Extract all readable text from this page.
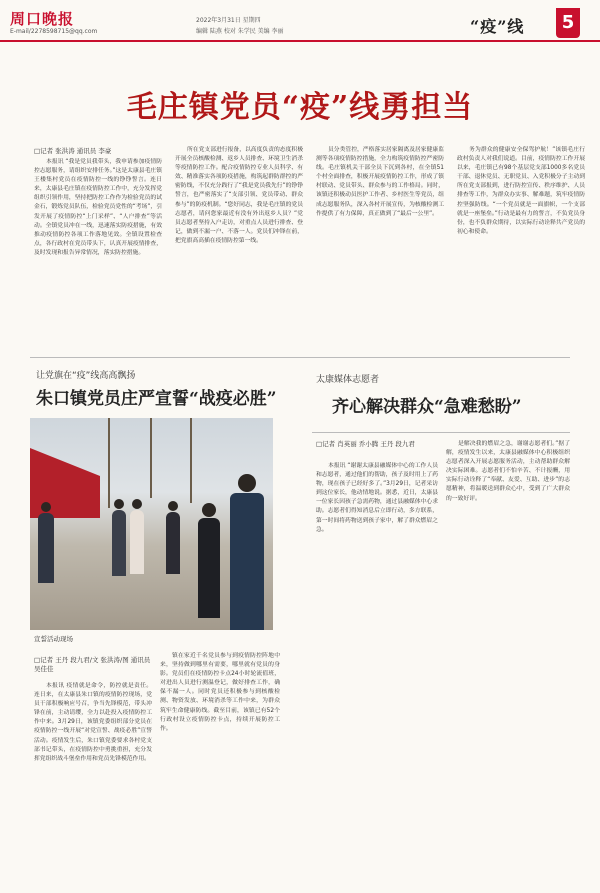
周口晚报
E-mail/2278598715@qq.com
2022年3月31日 星期四
编辑 陆燕 校对 朱学民 美编 李丽	“疫”线	5
毛庄镇党员“疫”线勇担当
□记者 张洪涛 通讯员 李豪

本报讯 “我是党员我带头，我申请参加疫情防控志愿服务，请组织安排任务。”这是太康县毛庄镇王楼集村党员在疫情防控一线的铮铮誓言。连日来，太康县毛庄镇在疫情防控工作中，充分发挥党组织引领作用，坚持把防控工作作为检验党员的试金石，锻炼党员队伍，检验党员党性的“考场”，引发开展了疫情防控“上门采样”、“人户排查”等活动。全镇党员冲在一线，迅速落实防疫措施，有效推动疫情防控各项工作落地见效。全镇设置检查点，各行政村在党员带头下，认真开展疫情排查，及时发现和报告异常情况，落实防控措施。

所在党支部进行报备，以高度负责的态度积极开展全员核酸检测、返乡人员排查、环境卫生消杀等疫情防控工作。配合疫情防控专业人员科学、有效、精准落实各项防疫措施，构筑起群防群控的严密防线，不仅充分践行了“我是党员我先行”的铮铮誓言，也严密落实了“支部引领、党员带动、群众参与”的防疫机制。“您好同志，我是毛庄镇的党员志愿者，请问您家最近有没有外出返乡人员？”党员志愿者坚持入户走访，对重点人员进行排查、登记，做到不漏一户、不落一人。党员们冲锋在前，把党旗高高插在疫情防控第一线。

员分类管控，严格落实居家隔离及居家健康监测等各项疫情防控措施，全力构筑疫情防控严密防线。毛庄镇机关干部全员下沉到各村，在全镇51个村全面排查，积极开展疫情防控工作，形成了镇村联动、党员带头、群众参与的工作格局。同时，该镇还积极动员医护工作者、乡村医生等党员，组成志愿服务队，深入各村开展宣传，为核酸检测工作提供了有力保障，真正做到了“最后一公里”。

务为群众的健康安全保驾护航！”该镇毛庄行政村负责人对我们说道。目前，疫情防控工作开展以来，毛庄镇已有98个基层党支部1000多名党员干部、退休党员、无职党员、入党积极分子主动到所在党支部报到，进行防控宣传、秩序维护、人员排查等工作，为群众办实事、解难题，筑牢疫情防控坚强防线。“一个党员就是一面旗帜，一个支部就是一座堡垒。”行动是最有力的誓言，不负党员身份，也不负群众期待，以实际行动诠释共产党员的初心和使命。

让党旗在“疫”线高高飘扬
朱口镇党员庄严宣誓“战疫必胜”
宣誓活动现场
□记者 王丹 段九君/文 张洪涛/图 通讯员 吴佳佳

本报讯 疫情就是命令，防控就是责任。连日来，在太康县朱口镇的疫情防控现场，党员干部积极响应号召，争当先锋模范，带头冲锋在前，主动请缨，全力以赴投入疫情防控工作中来。3月29日，该镇党委组织部分党员在疫情防控一线开展“对党宣誓、战疫必胜”宣誓活动。疫情发生后，朱口镇党委要求各村党支部书记带头，在疫情防控中勇挑重担，充分发挥党组织战斗堡垒作用和党员先锋模范作用。

镇在家近千名党员参与到疫情防控阵地中来，坚持做到哪里有需要，哪里就有党员的身影。党员们在疫情防控卡点24小时轮流值班，对进出人员进行测温登记，做好排查工作，确保不漏一人。同时党员还积极参与到核酸检测、物资发放、环境消杀等工作中来，为群众筑牢生命健康防线。截至目前，该镇已有52个行政村设立疫情防控卡点，持续开展防控工作。

太康媒体志愿者
齐心解决群众“急难愁盼”
□记者 肖英丽 乔小腾 王丹 段九君

本报讯 “谢谢太康县融媒体中心的工作人员和志愿者，通过他们的帮助，孩子及时用上了药物，现在孩子已经好多了。”3月29日，记者采访到这位家长，他动情地说。据悉，近日，太康县一位家长因孩子急需药物，通过县融媒体中心求助。志愿者们得知消息后立即行动，多方联系，第一时间将药物送到孩子家中，解了群众燃眉之急。

是解决我的燃眉之急，谢谢志愿者们。”据了解，疫情发生以来，太康县融媒体中心积极组织志愿者深入开展志愿服务活动，主动帮助群众解决实际困难。志愿者们不怕辛苦、不计报酬，用实际行动诠释了“奉献、友爱、互助、进步”的志愿精神，将温暖送到群众心中，受到了广大群众的一致好评。
